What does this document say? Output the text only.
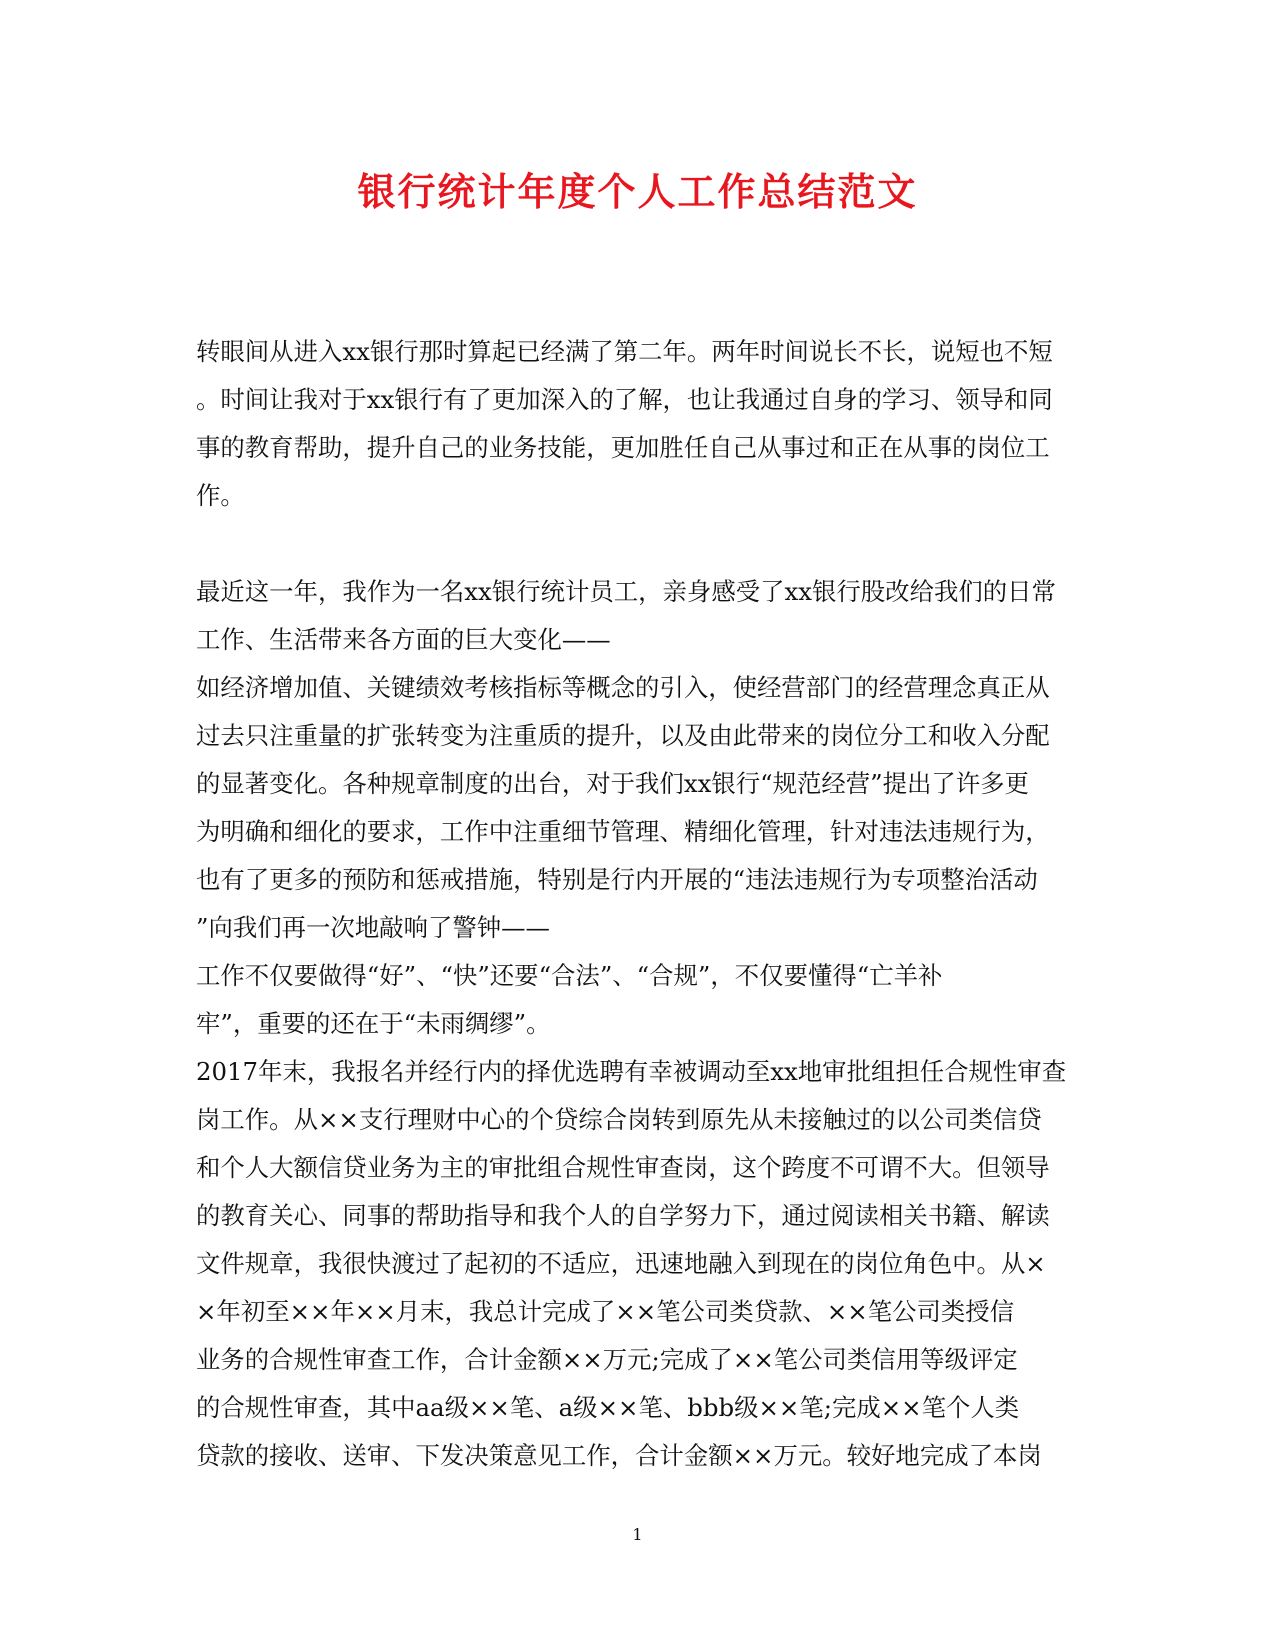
银行统计年度个人工作总结范文
转眼间从进入xx银行那时算起已经满了第二年。两年时间说长不长，说短也不短
。时间让我对于xx银行有了更加深入的了解，也让我通过自身的学习、领导和同
事的教育帮助，提升自己的业务技能，更加胜任自己从事过和正在从事的岗位工
作。
最近这一年，我作为一名xx银行统计员工，亲身感受了xx银行股改给我们的日常
工作、生活带来各方面的巨大变化——
如经济增加值、关键绩效考核指标等概念的引入，使经营部门的经营理念真正从
过去只注重量的扩张转变为注重质的提升，以及由此带来的岗位分工和收入分配
的显著变化。各种规章制度的出台，对于我们xx银行“规范经营”提出了许多更
为明确和细化的要求，工作中注重细节管理、精细化管理，针对违法违规行为，
也有了更多的预防和惩戒措施，特别是行内开展的“违法违规行为专项整治活动
”向我们再一次地敲响了警钟——
工作不仅要做得“好”、“快”还要“合法”、“合规”，不仅要懂得“亡羊补
牢”，重要的还在于“未雨绸缪”。
2017年末，我报名并经行内的择优选聘有幸被调动至xx地审批组担任合规性审查
岗工作。从××支行理财中心的个贷综合岗转到原先从未接触过的以公司类信贷
和个人大额信贷业务为主的审批组合规性审查岗，这个跨度不可谓不大。但领导
的教育关心、同事的帮助指导和我个人的自学努力下，通过阅读相关书籍、解读
文件规章，我很快渡过了起初的不适应，迅速地融入到现在的岗位角色中。从×
×年初至××年××月末，我总计完成了××笔公司类贷款、××笔公司类授信
业务的合规性审查工作，合计金额××万元;完成了××笔公司类信用等级评定
的合规性审查，其中aa级××笔、a级××笔、bbb级××笔;完成××笔个人类
贷款的接收、送审、下发决策意见工作，合计金额××万元。较好地完成了本岗
1
